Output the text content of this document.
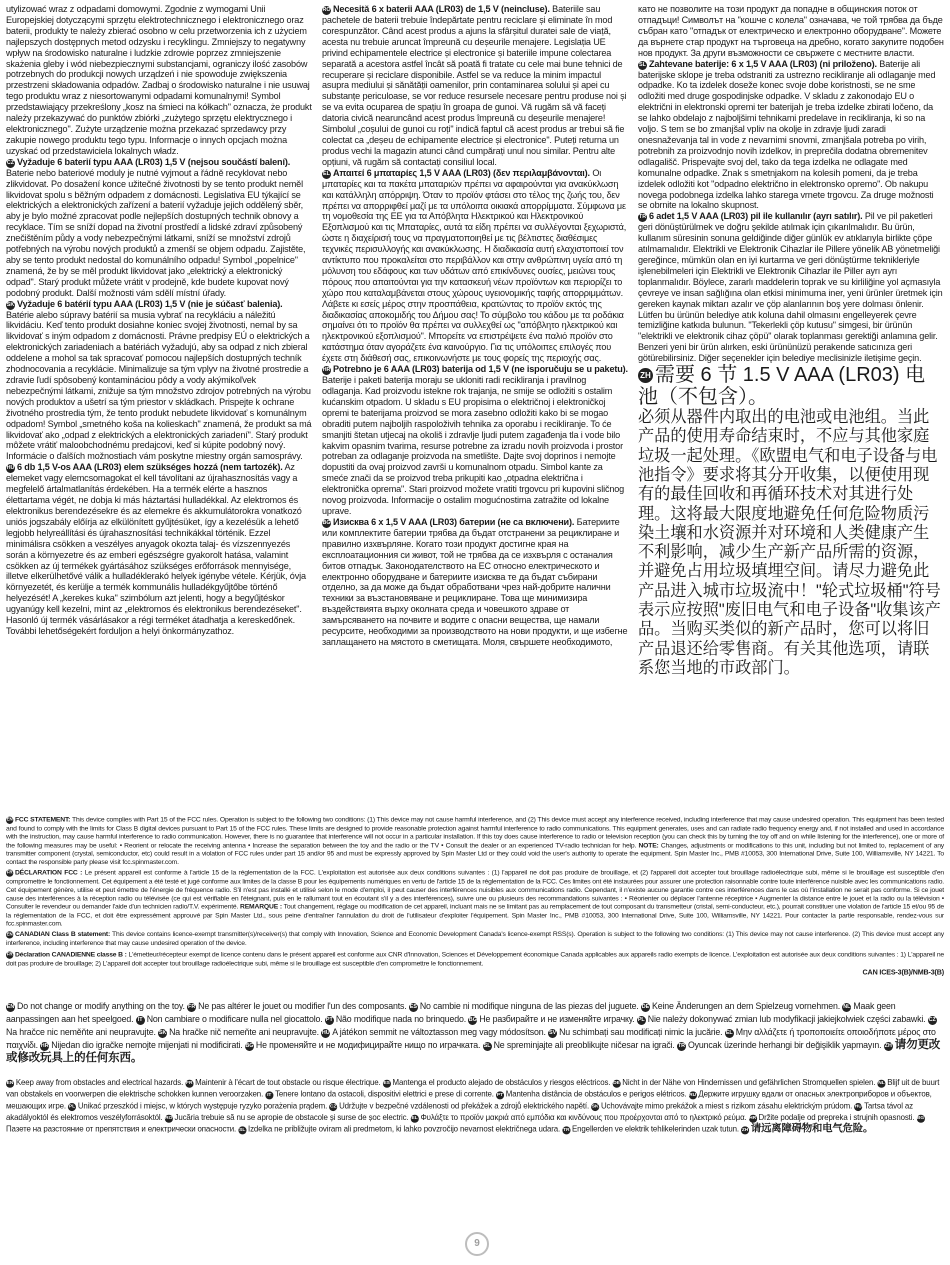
utylizować wraz z odpadami domowymi. Zgodnie z wymogami Unii Europejskiej dotyczącymi sprzętu elektrotechnicznego i elektronicznego oraz baterii, produkty te należy zbierać osobno w celu przetworzenia ich z użyciem najlepszych dostępnych metod odzysku i recyklingu. Zmniejszy to negatywny wpływ na środowisko naturalne i ludzkie zdrowie poprzez zmniejszenie skażenia gleby i wód niebezpiecznymi substancjami, ograniczy ilość zasobów potrzebnych do produkcji nowych urządzeń i nie spowoduje zwiększenia przestrzeni składowania odpadów. Zadbaj o środowisko naturalne i nie usuwaj tego produktu wraz z niesortowanymi odpadami komunalnymi! Symbol przedstawiający przekreślony „kosz na śmieci na kółkach" oznacza, że produkt należy przekazywać do punktów zbiórki „zużytego sprzętu elektrycznego i elektronicznego". Zużyte urządzenie można przekazać sprzedawcy przy zakupie nowego produktu tego typu. Informacje o innych opcjach można uzyskać od przedstawiciela lokalnych władz.

CZ Vyžaduje 6 baterií typu AAA (LR03) 1,5 V (nejsou součástí balení). Baterie nebo bateriové moduly je nutné vyjmout a řádně recyklovat nebo zlikvidovat. Po dosažení konce užitečné životnosti by se tento produkt neměl likvidovat spolu s běžným odpadem z domácnosti. Legislativa EU týkající se elektrických a elektronických zařízení a baterií vyžaduje jejich oddělený sběr, aby je bylo možné zpracovat podle nejlepších dostupných technik obnovy a recyklace. Tím se sníží dopad na životní prostředí a lidské zdraví způsobený znečištěním půdy a vody nebezpečnými látkami, sníží se množství zdrojů potřebných na výrobu nových produktů a zmenší se objem odpadu. Zajistěte, aby se tento produkt nedostal do komunálního odpadu! Symbol „popelnice" znamená, že by se měl produkt likvidovat jako „elektrický a elektronický odpad". Starý produkt můžete vrátit v prodejně, kde budete kupovat nový podobný produkt. Další možnosti vám sdělí místní úřady.

SK Vyžaduje 6 batérií typu AAA (LR03) 1,5 V (nie je súčasť balenia). Batérie alebo súpravy batérií sa musia vybrať na recykláciu a náležitú likvidáciu. Keď tento produkt dosiahne koniec svojej životnosti, nemal by sa likvidovať s iným odpadom z domácnosti. Právne predpisy EÚ o elektrických a elektronických zariadeniach a batériách vyžadujú, aby sa odpad z nich zbieral oddelene a mohol sa tak spracovať pomocou najlepších dostupných techník zhodnocovania a recyklácie. Minimalizuje sa tým vplyv na životné prostredie a zdravie ľudí spôsobený kontamináciou pôdy a vody akýmikoľvek nebezpečnými látkami, znižuje sa tým množstvo zdrojov potrebných na výrobu nových produktov a ušetrí sa tým priestor v skládkach. Prispejte k ochrane životného prostredia tým, že tento produkt nebudete likvidovať s komunálnym odpadom! Symbol „smetného koša na kolieskach" znamená, že produkt sa má likvidovať ako „odpad z elektrických a elektronických zariadení". Starý produkt môžete vrátiť maloobchodnému predajcovi, keď si kúpite podobný nový. Informácie o ďalších možnostiach vám poskytne miestny orgán samosprávy.

HU 6 db 1,5 V-os AAA (LR03) elem szükséges hozzá (nem tartozék). Az elemeket vagy elemcsomagokat el kell távolítani az újrahasznosítás vagy a megfelelő ártalmatlanítás érdekében. Ha a termék elérte a hasznos élettartama végét, ne dobja ki más háztartási hulladékkal. Az elektromos és elektronikus berendezésekre és az elemekre és akkumulátorokra vonatkozó uniós jogszabály előírja az elkülönített gyűjtésüket, így a kezelésük a lehető legjobb helyreállítási és újrahasznosítási technikákkal történik. Ezzel minimálisra csökken a veszélyes anyagok okozta talaj- és vízszennyezés során a környezetre és az emberi egészségre gyakorolt hatása, valamint csökken az új termékek gyártásához szükséges erőforrások mennyisége, illetve elkerülhetővé válik a hulladéklerakó helyek igénybe vétele. Kérjük, óvja környezetét, és kerülje a termék kommunális hulladékgyűjtőbe történő helyezését! A „kerekes kuka" szimbólum azt jelenti, hogy a begyűjtéskor ugyanúgy kell kezelni, mint az „elektromos és elektronikus berendezéseket". Hasonló új termék vásárlásakor a régi terméket átadhatja a kereskedőnek. További lehetőségekért forduljon a helyi önkormányzathoz.

RO Necesită 6 x baterii AAA (LR03) de 1,5 V (neincluse). Bateriile sau pachetele de baterii trebuie îndepărtate pentru reciclare și eliminate în mod corespunzător. Când acest produs a ajuns la sfârșitul duratei sale de viață, acesta nu trebuie aruncat împreună cu deșeurile menajere. Legislația UE privind echipamentele electrice și electronice și bateriile impune colectarea separată a acestora astfel încât să poată fi tratate cu cele mai bune tehnici de recuperare și reciclare disponibile. Astfel se va reduce la minim impactul asupra mediului și sănătății oamenilor, prin contaminarea solului și apei cu substanțe periculoase, se vor reduce resursele necesare pentru produse noi și se va evita ocuparea de spațiu în groapa de gunoi. Vă rugăm să vă faceți datoria civică nearuncând acest produs împreună cu deșeurile menajere! Simbolul „coșului de gunoi cu roți" indică faptul că acest produs ar trebui să fie colectat ca „deșeu de echipamente electrice și electronice". Puteți returna un produs vechi la magazin atunci când cumpărați unul nou similar. Pentru alte opțiuni, vă rugăm să contactați consiliul local.

EL Απαιτεί 6 μπαταρίες 1,5 V AAA (LR03) (δεν περιλαμβάνονται). Οι μπαταρίες και τα πακέτα μπαταριών πρέπει να αφαιρούνται για ανακύκλωση και κατάλληλη απόρριψη. Όταν το προϊόν φτάσει στο τέλος της ζωής του, δεν πρέπει να απορριφθεί μαζί με τα υπόλοιπα οικιακά απορρίμματα. Σύμφωνα με τη νομοθεσία της ΕΕ για τα Απόβλητα Ηλεκτρικού και Ηλεκτρονικού Εξοπλισμού και τις Μπαταρίες, αυτά τα είδη πρέπει να συλλέγονται ξεχωριστά, ώστε η διαχείρισή τους να πραγματοποιηθεί με τις βέλτιστες διαθέσιμες τεχνικές περισυλλογής και ανακύκλωσης. Η διαδικασία αυτή ελαχιστοποιεί τον αντίκτυπο που προκαλείται στο περιβάλλον και στην ανθρώπινη υγεία από τη μόλυνση του εδάφους και των υδάτων από επικίνδυνες ουσίες, μειώνει τους πόρους που απαιτούνται για την κατασκευή νέων προϊόντων και περιορίζει το χώρο που καταλαμβάνεται στους χώρους υγειονομικής ταφής απορριμμάτων. Λάβετε κι εσείς μέρος στην προσπάθεια, κρατώντας το προϊόν εκτός της διαδικασίας αποκομιδής του Δήμου σας! Το σύμβολο του κάδου με τα ροδάκια σημαίνει ότι το προϊόν θα πρέπει να συλλεχθεί ως "απόβλητο ηλεκτρικού και ηλεκτρονικού εξοπλισμού". Μπορείτε να επιστρέψετε ένα παλιό προϊόν στο κατάστημα όταν αγοράζετε ένα καινούργιο. Για τις υπόλοιπες επιλογές που έχετε στη διάθεσή σας, επικοινωνήστε με τους φορείς της περιοχής σας.

HR Potrebno je 6 AAA (LR03) baterija od 1,5 V (ne isporučuju se u paketu). Baterije i paketi baterija moraju se ukloniti radi recikliranja i pravilnog odlaganja. Kad proizvodu istekne rok trajanja, ne smije se odložiti s ostalim kućanskim otpadom. U skladu s EU propisima o električnoj i elektroničkoj opremi te baterijama proizvod se mora zasebno odložiti kako bi se mogao obraditi putem najboljih raspoloživih tehnika za oporabu i recikliranje. To će smanjiti štetan utjecaj na okoliš i zdravlje ljudi putem zagađenja tla i vode bilo kakvim opasnim tvarima, resurse potrebne za izradu novih proizvoda i prostor potreban za odlaganje proizvoda na smetlište. Dajte svoj doprinos i nemojte dopustiti da ovaj proizvod završi u komunalnom otpadu. Simbol kante za smeće znači da se proizvod treba prikupiti kao „otpadna električna i elektronička oprema". Stari proizvod možete vratiti trgovcu pri kupovini sličnog novog proizvoda. Informacije o ostalim mogućnostima zatražite od lokalne uprave.

BG Изисква 6 х 1,5 V AAA (LR03) батерии (не са включени). Батериите или комплектите батерии трябва да бъдат отстранени за рециклиране и правилно изхвърляне. Когато този продукт достигне края на експлоатационния си живот, той не трябва да се изхвърля с останалия битов отпадък. Законодателството на ЕС относно електрическото и електронно оборудване и батериите изисква те да бъдат събирани отделно, за да може да бъдат обработвани чрез най-добрите налични техники за възстановяване и рециклиране. Това ще минимизира въздействията върху околната среда и човешкото здраве от замърсяването на почвите и водите с опасни вещества, ще намали ресурсите, необходими за производството на нови продукти, и ще избегне заплащането на мястото в сметищата. Моля, свършете необходимото,

като не позволите на този продукт да попадне в общинския поток от отпадъци! Символът на "кошче с колела" означава, че той трябва да бъде събран като "отпадък от електрическо и електронно оборудване". Можете да върнете стар продукт на търговеца на дребно, когато закупите подобен нов продукт. За други възможности се свържете с местните власти.

SL Zahtevane baterije: 6 x 1,5 V AAA (LR03) (ni priloženo). Baterije ali baterijske sklope je treba odstraniti za ustrezno recikliranje ali odlaganje med odpadke. Ko ta izdelek doseže konec svoje dobe koristnosti, se ne sme odložiti med druge gospodinjske odpadke. V skladu z zakonodajo EU o električni in elektronski opremi ter baterijah je treba izdelke zbirati ločeno, da se lahko obdelajo z najboljšimi tehnikami predelave in recikliranja, ki so na voljo. S tem se bo zmanjšal vpliv na okolje in zdravje ljudi zaradi onesnaževanja tal in vode z nevarnimi snovmi, zmanjšala potreba po virih, potrebnih za proizvodnjo novih izdelkov, in preprečila dodatna obremenitev odlagališč. Prispevajte svoj del, tako da tega izdelka ne odlagate med komunalne odpadke. Znak s smetnjakom na kolesih pomeni, da je treba izdelek odložiti kot "odpadno električno in elektronsko opremo". Ob nakupu novega podobnega izdelka lahko starega vrnete trgovcu. Za druge možnosti se obrnite na lokalno skupnost.

TR 6 adet 1,5 V AAA (LR03) pil ile kullanılır (ayrı satılır). Pil ve pil paketleri geri dönüştürülmek ve doğru şekilde atılmak için çıkarılmalıdır. Bu ürün, kullanım süresinin sonuna geldiğinde diğer günlük ev atıklarıyla birlikte çöpe atılmamalıdır. Elektrikli ve Elektronik Cihazlar ile Pillere yönelik AB yönetmeliği gereğince, mümkün olan en iyi kurtarma ve geri dönüştürme teknikleriyle işlenebilmeleri için Elektrikli ve Elektronik Cihazlar ile Piller ayrı ayrı toplanmalıdır. Böylece, zararlı maddelerin toprak ve su kirliliğine yol açmasıyla çevreye ve insan sağlığına olan etkisi minimuma iner, yeni ürünler üretmek için gereken kaynak miktarı azalır ve çöp alanlarının boş yere dolması önlenir. Lütfen bu ürünün belediye atık koluna dahil olmasını engelleyerek çevre temizliğine katkıda bulunun. "Tekerlekli çöp kutusu" simgesi, bir ürünün "elektrikli ve elektronik cihaz çöpü" olarak toplanması gerektiği anlamına gelir. Benzeri yeni bir ürün alırken, eski ürününüzü perakende satıcınıza geri götürebilirsiniz. Diğer seçenekler için belediye meclisinizle iletişime geçin.

ZH 需要 6 节 1.5 V AAA (LR03) 电池（不包含）。

必须从器件内取出的电池或电池组。当此产品的使用寿命结束时，不应与其他家庭垃圾一起处理。《欧盟电气和电子设备与电池指令》要求将其分开收集，以便使用现有的最佳回收和再循环技术对其进行处理。这将最大限度地避免任何危险物质污染土壤和水资源并对环境和人类健康产生不利影响，减少生产新产品所需的资源，并避免占用垃圾填埋空间。请尽力避免此产品进入城市垃圾流中！"轮式垃圾桶"符号表示应按照"废旧电气和电子设备"收集该产品。当购买类似的新产品时，您可以将旧产品退还给零售商。有关其他选项，请联系您当地的市政部门。

EN FCC STATEMENT: This device complies with Part 15 of the FCC rules. Operation is subject to the following two conditions: (1) This device may not cause harmful interference, and (2) This device must accept any interference received, including interference that may cause undesired operation. This equipment has been tested and found to comply with the limits for Class B digital devices pursuant to Part 15 of the FCC rules. These limits are designed to provide reasonable protection against harmful interference to radio communications. This equipment generates, uses and can radiate radio frequency energy and, if not installed and used in accordance with the instruction, may cause harmful interference to radio communication. However, there is no guarantee that interference will not occur in a particular installation. If this toy does cause interference to radio or television reception (you can check this by turning the toy off and on while listening for the interference), one or more of the following measures may be useful: • Reorient or relocate the receiving antenna • Increase the separation between the toy and the radio or the TV • Consult the dealer or an experienced TV-radio technician for help. NOTE: Changes, adjustments or modifications to this unit, including but not limited to, replacement of any transmitter component (crystal, semiconductor, etc) could result in a violation of FCC rules under part 15 and/or 95 and must be expressly approved by Spin Master Ltd or they could void the user's authority to operate the equipment. Spin Master Inc., PMB #10053, 300 International Drive, Suite 100, Williamsville, NY 14221. To contact the responsible party please visit fcc.spinmaster.com.

FR DÉCLARATION FCC : Le présent appareil est conforme à l'article 15 de la réglementation de la FCC. L'exploitation est autorisée aux deux conditions suivantes : (1) l'appareil ne doit pas produire de brouillage, et (2) l'appareil doit accepter tout brouillage radioélectrique subi, même si le brouillage est susceptible d'en compromettre le fonctionnement. Cet équipement a été testé et jugé conforme aux limites de la classe B pour les équipements numériques en vertu de l'article 15 de la réglementation de la FCC. Ces limites ont été instaurées pour assurer une protection raisonnable contre toute interférence nuisible avec les communications radio. Cet équipement génère, utilise et peut émettre de l'énergie de fréquence radio. S'il n'est pas installé et utilisé selon le mode d'emploi, il peut causer des interférences nuisibles aux communications radio. Cependant, il n'existe aucune garantie contre ces interférences dans le cas où l'installation ne serait pas conforme. Si ce jouet cause des interférences à la réception radio ou télévisée (ce qui est vérifiable en l'éteignant, puis en le rallumant tout en écoutant s'il y a des interférences), suivre une ou plusieurs des recommandations suivantes : • Réorienter ou déplacer l'antenne réceptrice • Augmenter la distance entre le jouet et la radio ou la télévision • Consulter le revendeur ou demander l'aide d'un technicien radio/T.V. expérimenté. REMARQUE : Tout changement, réglage ou modification de cet appareil, incluant mais ne se limitant pas au remplacement de tout composant du transmetteur (cristal, semi-conducteur, etc.), pourrait constituer une violation de l'article 15 et/ou 95 de la réglementation de la FCC, et doit être expressément approuvé par Spin Master Ltd., sous peine d'entraîner l'annulation du droit de l'utilisateur d'exploiter l'équipement. Spin Master Inc., PMB #10053, 300 International Drive, Suite 100, Williamsville, NY 14221. Pour contacter la partie responsable, rendez-vous sur fcc.spinmaster.com.

EN CANADIAN Class B statement: This device contains licence-exempt transmitter(s)/receiver(s) that comply with Innovation, Science and Economic Development Canada's licence-exempt RSS(s). Operation is subject to the following two conditions: (1) This device may not cause interference. (2) This device must accept any interference, including interference that may cause undesired operation of the device.

FR Déclaration CANADIENNE classe B : L'émetteur/récepteur exempt de licence contenu dans le présent appareil est conforme aux CNR d'Innovation, Sciences et Développement économique Canada applicables aux appareils radio exempts de licence. L'exploitation est autorisée aux deux conditions suivantes : 1) L'appareil ne doit pas produire de brouillage; 2) L'appareil doit accepter tout brouillage radioélectrique subi, même si le brouillage est susceptible d'en compromettre le fonctionnement.

CAN ICES-3(B)/NMB-3(B)
EN Do not change or modify anything on the toy. FR Ne pas altérer le jouet ou modifier l'un des composants. ES No cambie ni modifique ninguna de las piezas del juguete. DE Keine Änderungen an dem Spielzeug vornehmen. NL Maak geen aanpassingen aan het speelgoed. IT Non cambiare o modificare nulla nel giocattolo. PT Não modifique nada no brinquedo. BG Не разбирайте и не изменяйте играчку. PL Nie należy dokonywać zmian lub modyfikacji jakiejkolwiek części zabawki. CZNa hračce nic neměňte ani neupravujte. SK Na hračke nič nemeňte ani neupravujte. HU A játékon semmit ne változtasson meg vagy módosítson. SV Nu schimbați sau modificați nimic la jucărie. EL Μην αλλάζετε ή τροποποιείτε οποιοδήποτε μέρος στο παιχνίδι. HR Nijedan dio igračke nemojte mijenjati ni modificirati. BG Не променяйте и не модифицирайте нищо по играчката. SL Ne spreminjajte ali preoblikujte ničesar na igrači. TR Oyuncak üzerinde herhangi bir değişiklik yapmayın. ZH 请勿更改或修改玩具上的任何东西。
EN Keep away from obstacles and electrical hazards. FR Maintenir à l'écart de tout obstacle ou risque électrique. ES Mantenga el producto alejado de obstáculos y riesgos eléctricos. DE Nicht in der Nähe von Hindernissen und gefährlichen Stromquellen spielen. NL Blijf uit de buurt van obstakels en voorwerpen die elektrische schokken kunnen veroorzaken. IT Tenere lontano da ostacoli, dispositivi elettrici e prese di corrente. PT Mantenha distância de obstáculos e perigos elétricos. RU Держите игрушку вдали от опасных электроприборов и объектов, мешающих игре. PL Unikać przeszkód i miejsc, w których występuje ryzyko porażenia prądem. CZ Udržujte v bezpečné vzdálenosti od překážek a zdrojů elektrického napětí. SK Uchovávajte mimo prekážok a miest s rizikom zásahu elektrickým prúdom. HU Tartsa távol az akadályoktól és elektromos veszélyforrásoktól. RO Jucăria trebuie să nu se apropie de obstacole și surse de șoc electric. EL Φυλάξτε το προϊόν μακριά από εμπόδια και κινδύνους που προέρχονται από το ηλεκτρικό ρεύμα. HR Držite podalje od prepreka i strujnih opasnosti. BGПазете на разстояние от препятствия и електрически опасности. SL Izdelka ne približujte oviram ali predmetom, ki lahko povzročijo nevarnost električnega udara. TR Engellerden ve elektrik tehlikelerinden uzak tutun. ZH 请远离障碍物和电气危险。
9
